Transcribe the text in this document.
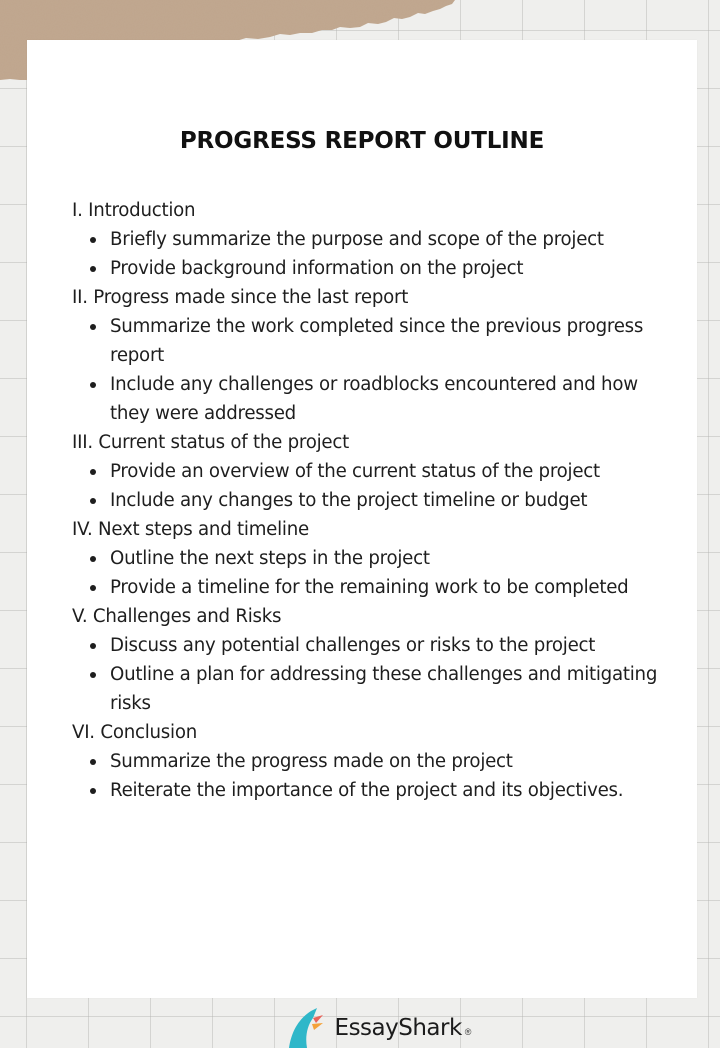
PROGRESS REPORT OUTLINE
I. Introduction
Briefly summarize the purpose and scope of the project
Provide background information on the project
II. Progress made since the last report
Summarize the work completed since the previous progress report
Include any challenges or roadblocks encountered and how they were addressed
III. Current status of the project
Provide an overview of the current status of the project
Include any changes to the project timeline or budget
IV. Next steps and timeline
Outline the next steps in the project
Provide a timeline for the remaining work to be completed
V. Challenges and Risks
Discuss any potential challenges or risks to the project
Outline a plan for addressing these challenges and mitigating risks
VI. Conclusion
Summarize the progress made on the project
Reiterate the importance of the project and its objectives.
EssayShark ®
